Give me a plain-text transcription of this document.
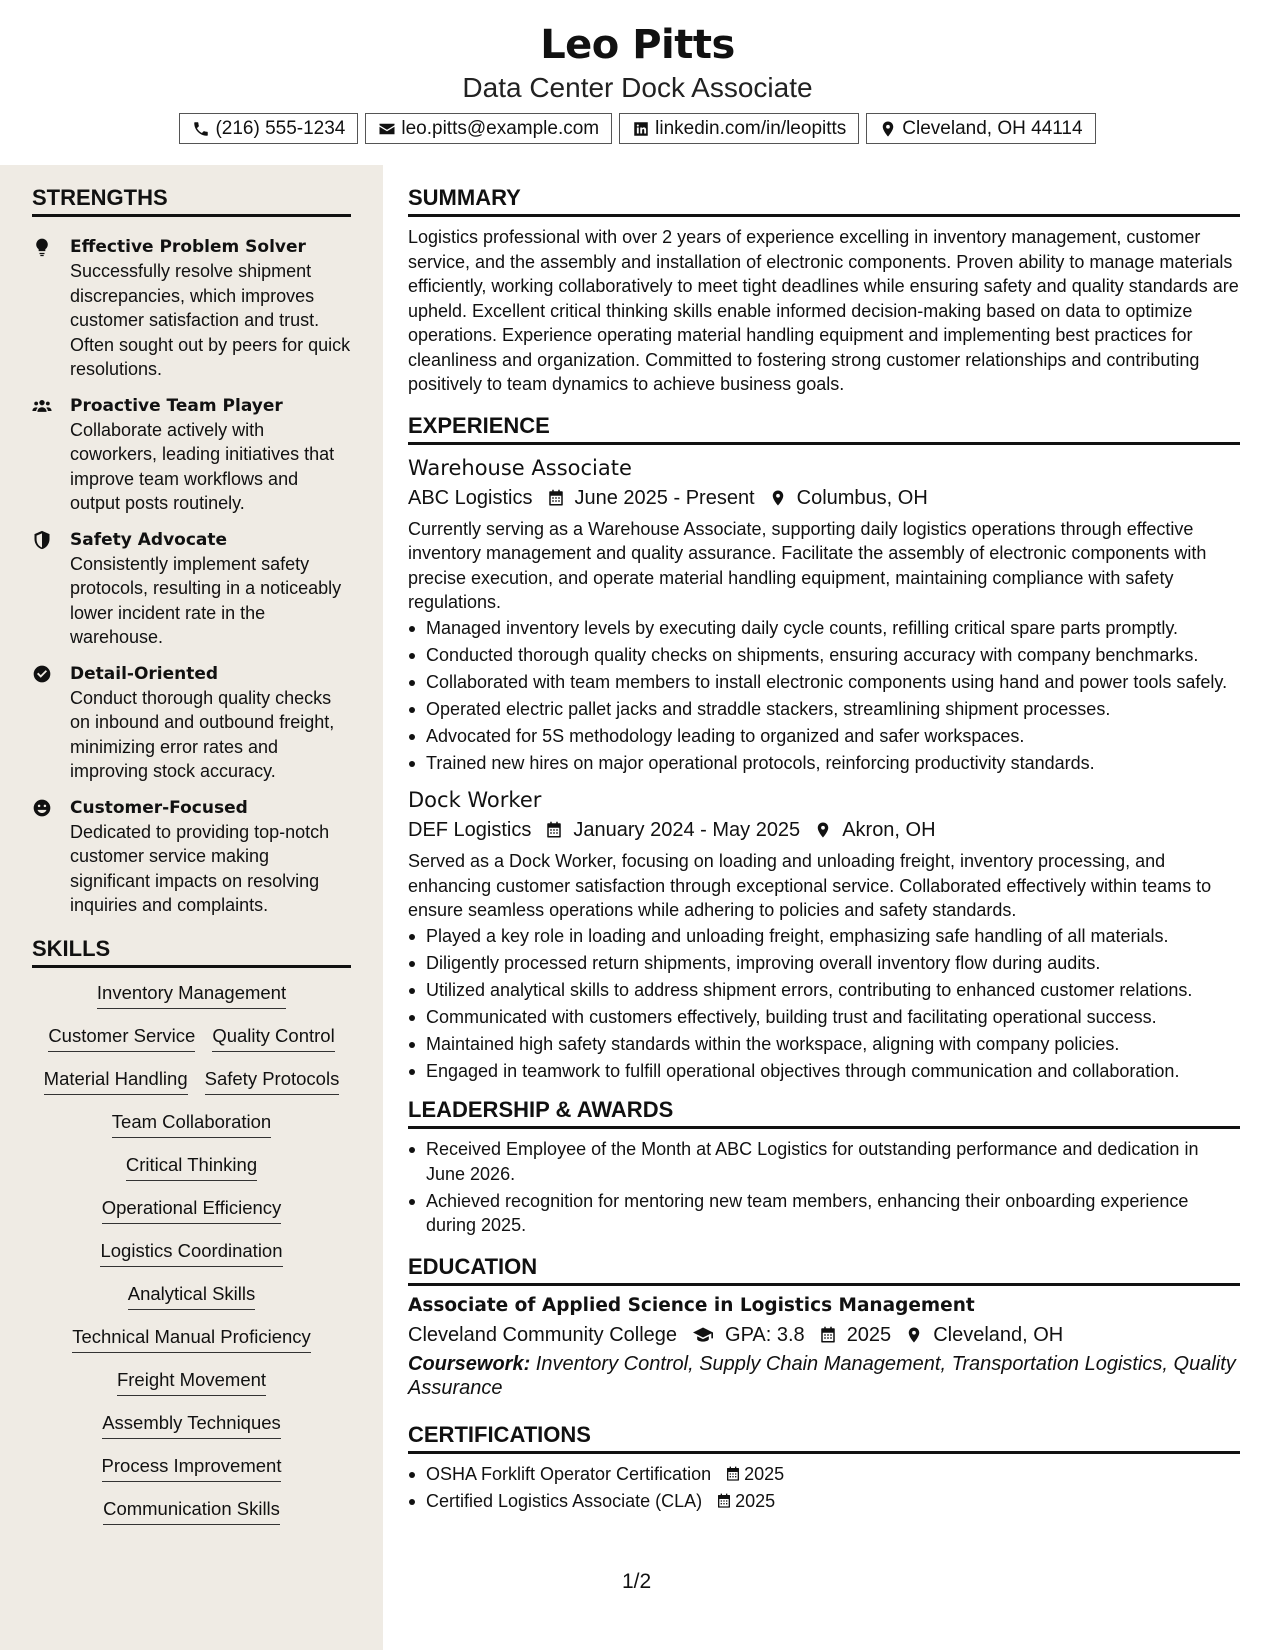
Leo Pitts
Data Center Dock Associate
(216) 555-1234	leo.pitts@example.com	linkedin.com/in/leopitts	Cleveland, OH 44114
STRENGTHS
Effective Problem Solver
Successfully resolve shipment discrepancies, which improves customer satisfaction and trust. Often sought out by peers for quick resolutions.
Proactive Team Player
Collaborate actively with coworkers, leading initiatives that improve team workflows and output posts routinely.
Safety Advocate
Consistently implement safety protocols, resulting in a noticeably lower incident rate in the warehouse.
Detail-Oriented
Conduct thorough quality checks on inbound and outbound freight, minimizing error rates and improving stock accuracy.
Customer-Focused
Dedicated to providing top-notch customer service making significant impacts on resolving inquiries and complaints.
SKILLS
Inventory Management
Customer Service Quality Control
Material Handling Safety Protocols
Team Collaboration
Critical Thinking
Operational Efficiency
Logistics Coordination
Analytical Skills
Technical Manual Proficiency
Freight Movement
Assembly Techniques
Process Improvement
Communication Skills
SUMMARY
Logistics professional with over 2 years of experience excelling in inventory management, customer service, and the assembly and installation of electronic components. Proven ability to manage materials efficiently, working collaboratively to meet tight deadlines while ensuring safety and quality standards are upheld. Excellent critical thinking skills enable informed decision-making based on data to optimize operations. Experience operating material handling equipment and implementing best practices for cleanliness and organization. Committed to fostering strong customer relationships and contributing positively to team dynamics to achieve business goals.
EXPERIENCE
Warehouse Associate
ABC Logistics June 2025 - Present Columbus, OH
Currently serving as a Warehouse Associate, supporting daily logistics operations through effective inventory management and quality assurance. Facilitate the assembly of electronic components with precise execution, and operate material handling equipment, maintaining compliance with safety regulations.
Managed inventory levels by executing daily cycle counts, refilling critical spare parts promptly.
Conducted thorough quality checks on shipments, ensuring accuracy with company benchmarks.
Collaborated with team members to install electronic components using hand and power tools safely.
Operated electric pallet jacks and straddle stackers, streamlining shipment processes.
Advocated for 5S methodology leading to organized and safer workspaces.
Trained new hires on major operational protocols, reinforcing productivity standards.
Dock Worker
DEF Logistics January 2024 - May 2025 Akron, OH
Served as a Dock Worker, focusing on loading and unloading freight, inventory processing, and enhancing customer satisfaction through exceptional service. Collaborated effectively within teams to ensure seamless operations while adhering to policies and safety standards.
Played a key role in loading and unloading freight, emphasizing safe handling of all materials.
Diligently processed return shipments, improving overall inventory flow during audits.
Utilized analytical skills to address shipment errors, contributing to enhanced customer relations.
Communicated with customers effectively, building trust and facilitating operational success.
Maintained high safety standards within the workspace, aligning with company policies.
Engaged in teamwork to fulfill operational objectives through communication and collaboration.
LEADERSHIP & AWARDS
Received Employee of the Month at ABC Logistics for outstanding performance and dedication in June 2026.
Achieved recognition for mentoring new team members, enhancing their onboarding experience during 2025.
EDUCATION
Associate of Applied Science in Logistics Management
Cleveland Community College GPA: 3.8 2025 Cleveland, OH
Coursework: Inventory Control, Supply Chain Management, Transportation Logistics, Quality Assurance
CERTIFICATIONS
OSHA Forklift Operator Certification 2025
Certified Logistics Associate (CLA) 2025
1/2
